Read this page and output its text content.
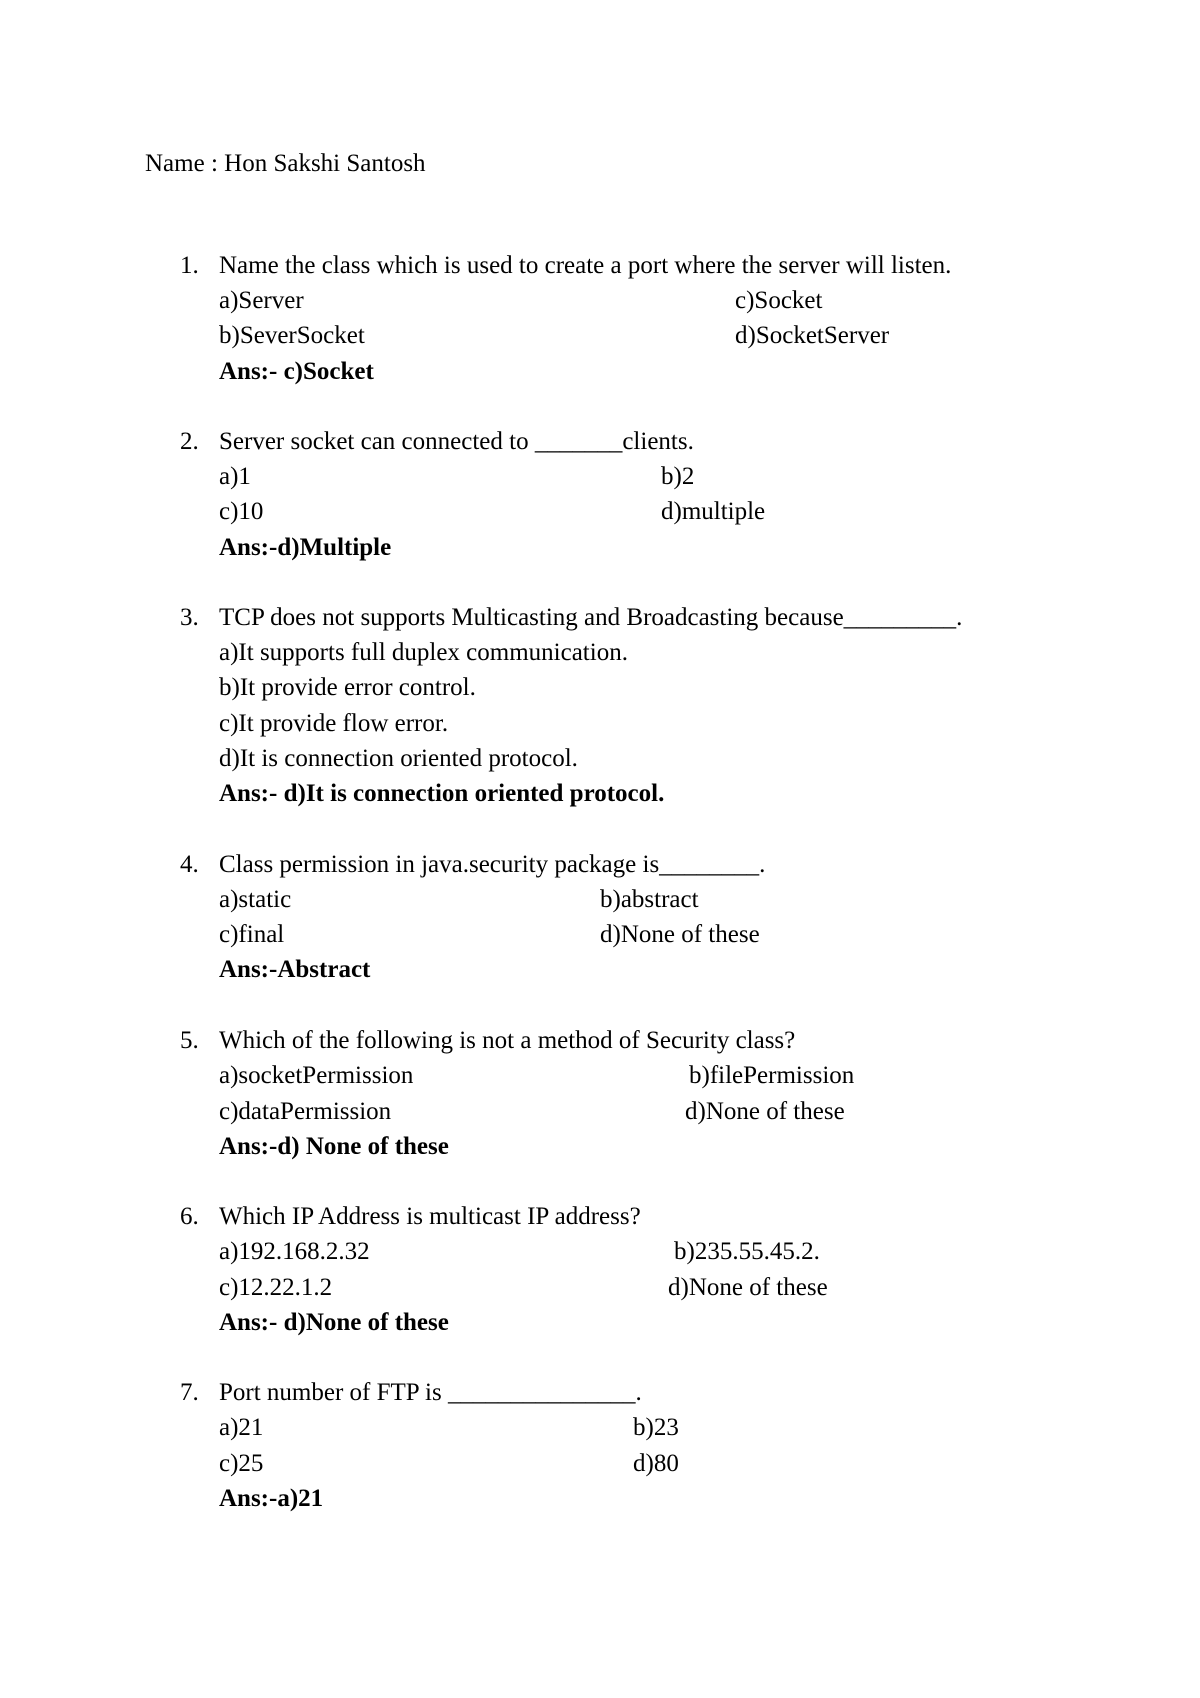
Name : Hon Sakshi Santosh
1. Name the class which is used to create a port where the server will listen.
a)Server	c)Socket
b)SeverSocket	d)SocketServer
Ans:- c)Socket
2. Server socket can connected to _______clients.
a)1	b)2
c)10	d)multiple
Ans:-d)Multiple
3. TCP does not supports Multicasting and Broadcasting because_________.
a)It supports full duplex communication.
b)It provide error control.
c)It provide flow error.
d)It is connection oriented protocol.
Ans:- d)It is connection oriented protocol.
4. Class permission in java.security package is________.
a)static	b)abstract
c)final	d)None of these
Ans:-Abstract
5. Which of the following is not a method of Security class?
a)socketPermission	b)filePermission
c)dataPermission	d)None of these
Ans:-d) None of these
6. Which IP Address is multicast IP address?
a)192.168.2.32	b)235.55.45.2.
c)12.22.1.2	d)None of these
Ans:- d)None of these
7. Port number of FTP is _______________.
a)21	b)23
c)25	d)80
Ans:-a)21
